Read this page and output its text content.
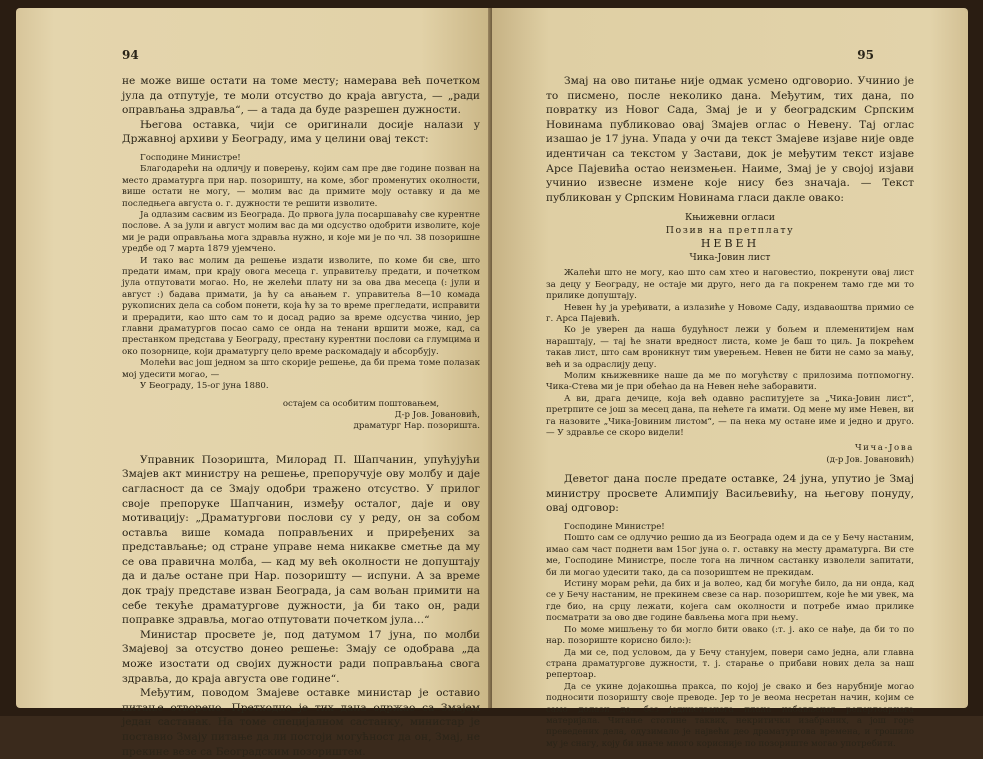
94

не може више остати на томе месту; намерава већ почетком јула да отпутује, те моли отсуство до краја августа, — „ради оправљања здравља“, — а тада да буде разрешен дужности.

Његова оставка, чији се оригинали досије налази у Државној архиви у Београду, има у целини овај текст:

Господине Министре!

Благодарећи на одличју и поверењу, којим сам пре две године позван на место драматурга при нар. позоришту, на коме, због променутих околности, више остати не могу, — молим вас да примите моју оставку и да ме последњега августа о. г. дужности те решити изволите.

Ја одлазим сасвим из Београда. До првога јула посаршаваћу све курентне послове. А за јули и август молим вас да ми одсуство одобрити изволите, које ми је ради оправљања мога здравља нужно, и које ми је по чл. 38 позоришне уредбе од 7 марта 1879 ујемчено.

И тако вас молим да решење издати изволите, по коме би све, што предати имам, при крају овога месеца г. управитељу предати, и почетком јула отпутовати могао. Но, не желећи плату ни за ова два месеца (: јули и август :) бадава примати, ја ћу са ањањем г. управитеља 8—10 комада рукописних дела са собом понети, која ћу за то време прегледати, исправити и прерадити, као што сам то и досад радио за време одсуства чинио, јер главни драматургов посао само се онда на тенани вршити може, кад, са престанком представа у Београду, престану курентни послови са глумцима и око позорнице, који драматургу цело време раскомадају и абсорбују.

Молећи вас још једном за што скорије решење, да би према томе полазак мој удесити могао, —

У Београду, 15-ог јуна 1880.

остајем са особитим поштовањем,

Д-р Јов. Јовановић,

драматург Нар. позоришта.

Управник Позоришта, Милорад П. Шапчанин, упућујући Змајев акт министру на решење, препоручује ову молбу и даје сагласност да се Змају одобри тражено отсуство. У прилог своје препоруке Шапчанин, између осталог, даје и ову мотивацију: „Драматургови послови су у реду, он за собом оставља више комада поправљених и приређених за представљање; од стране управе нема никакве сметње да му се ова правична молба, — кад му већ околности не допуштају да и даље остане при Нар. позоришту — испуни. А за време док трају представе изван Београда, ја сам вољан примити на себе текуће драматургове дужности, ја би тако он, ради поправке здравља, могао отпутовати почетком јула…“

Министар просвете је, под датумом 17 јуна, по молби Змајевој за отсуство донео решење: Змају се одобрава „да може изостати од својих дужности ради поправљања свога здравља, до краја августа ове године“.

Међутим, поводом Змајеве оставке министар је оставио питање отворено. Претходно је тих дана одржао са Змајем један састанак. На томе специјалном састанку, министар је поставио Змају питање да ли постоји могућност да он, Змај, не прекине везе са Београдским позориштем.

95

Змај на ово питање није одмак усмено одговорио. Учинио је то писмено, после неколико дана. Међутим, тих дана, по повратку из Новог Сада, Змај је и у београдским Српским Новинама публиковао овај Змајев оглас о Невену. Тај оглас изашао је 17 јуна. Упада у очи да текст Змајеве изјаве није овде идентичан са текстом у Застави, док је међутим текст изјаве Арсе Пајевића остао неизмењен. Наиме, Змај је у својој изјави учинио извесне измене које нису без значаја. — Текст публикован у Српским Новинама гласи даклe овако:

Књижевни огласи

Позив на претплату

НЕВЕН

Чика-Јовин лист

Жалећи што не могу, као што сам хтео и наговестио, покренути овај лист за децу у Београду, не остаје ми друго, него да га покренем тамо где ми то прилике допуштају.

Невен ћу ја уређивати, а излазиће у Новоме Саду, издаваоштва примио се г. Арса Пајевић.

Ко је уверен да наша будућност лежи у бољем и племенитијем нам нараштају, — тај ће знати вредност листа, коме је баш то циљ. Ја покрећем такав лист, што сам вроникнут тим уверењем. Невен не бити не само за мању, већ и за одраслију децу.

Молим књижевнике наше да ме по могућству с прилозима потпомогну. Чика-Стева ми је при обећао да на Невен неће заборавити.

А ви, драга дечице, која већ одавно распитујете за „Чика-Јовин лист“, претрпите се још за месец дана, па нећете га имати. Од мене му име Невен, ви га назовите „Чика-Јовиним листом“, — па нека му остане име и једно и друго. — У здравље се скоро видели!

Чича-Јова

(д-р Јов. Јовановић)

Деветог дана после предате оставке, 24 јуна, упутио је Змај министру просвете Алимпију Васиљевићу, на његову понуду, овај одговор:

Господине Министре!

Пошто сам се одлучио решио да из Београда одем и да се у Бечу настаним, имао сам част поднети вам 15ог јуна о. г. оставку на месту драматурга. Ви сте ме, Господине Министре, после тога на личном састанку изволели запитати, би ли могао удесити тако, да са позориштем не прекидам.

Истину морам рећи, да бих и ја волео, кад би могуће било, да ни онда, кад се у Бечу настаним, не прекинем свезе са нар. позориштем, које ће ми увек, ма где био, на срцу лежати, којега сам околности и потребе имао прилике посматрати за ово две године бављења мога при њему.

По моме мишљењу то би могло бити овако (:т. ј. ако се нађе, да би то по нар. позориште корисно било:):

Да ми се, под условом, да у Бечу станујем, повери само једна, али главна страна драматургове дужности, т. ј. старање о прибави нових дела за наш репертоар.

Да се укине дојакошња пракса, по којој је свако и без нарубније могао подносити позоришту своје преводе. Јер то је веома несретан начин, којим се само долази до, без јединственога плана набављеног репертоарнога материјала. Читање стотине таквих, некритички изабраних, а још горе преведених дела, одузимало је највећи део драматургова времена, и трошило му је снагу, коју би иначе много корисније по позориште могао употребити.
